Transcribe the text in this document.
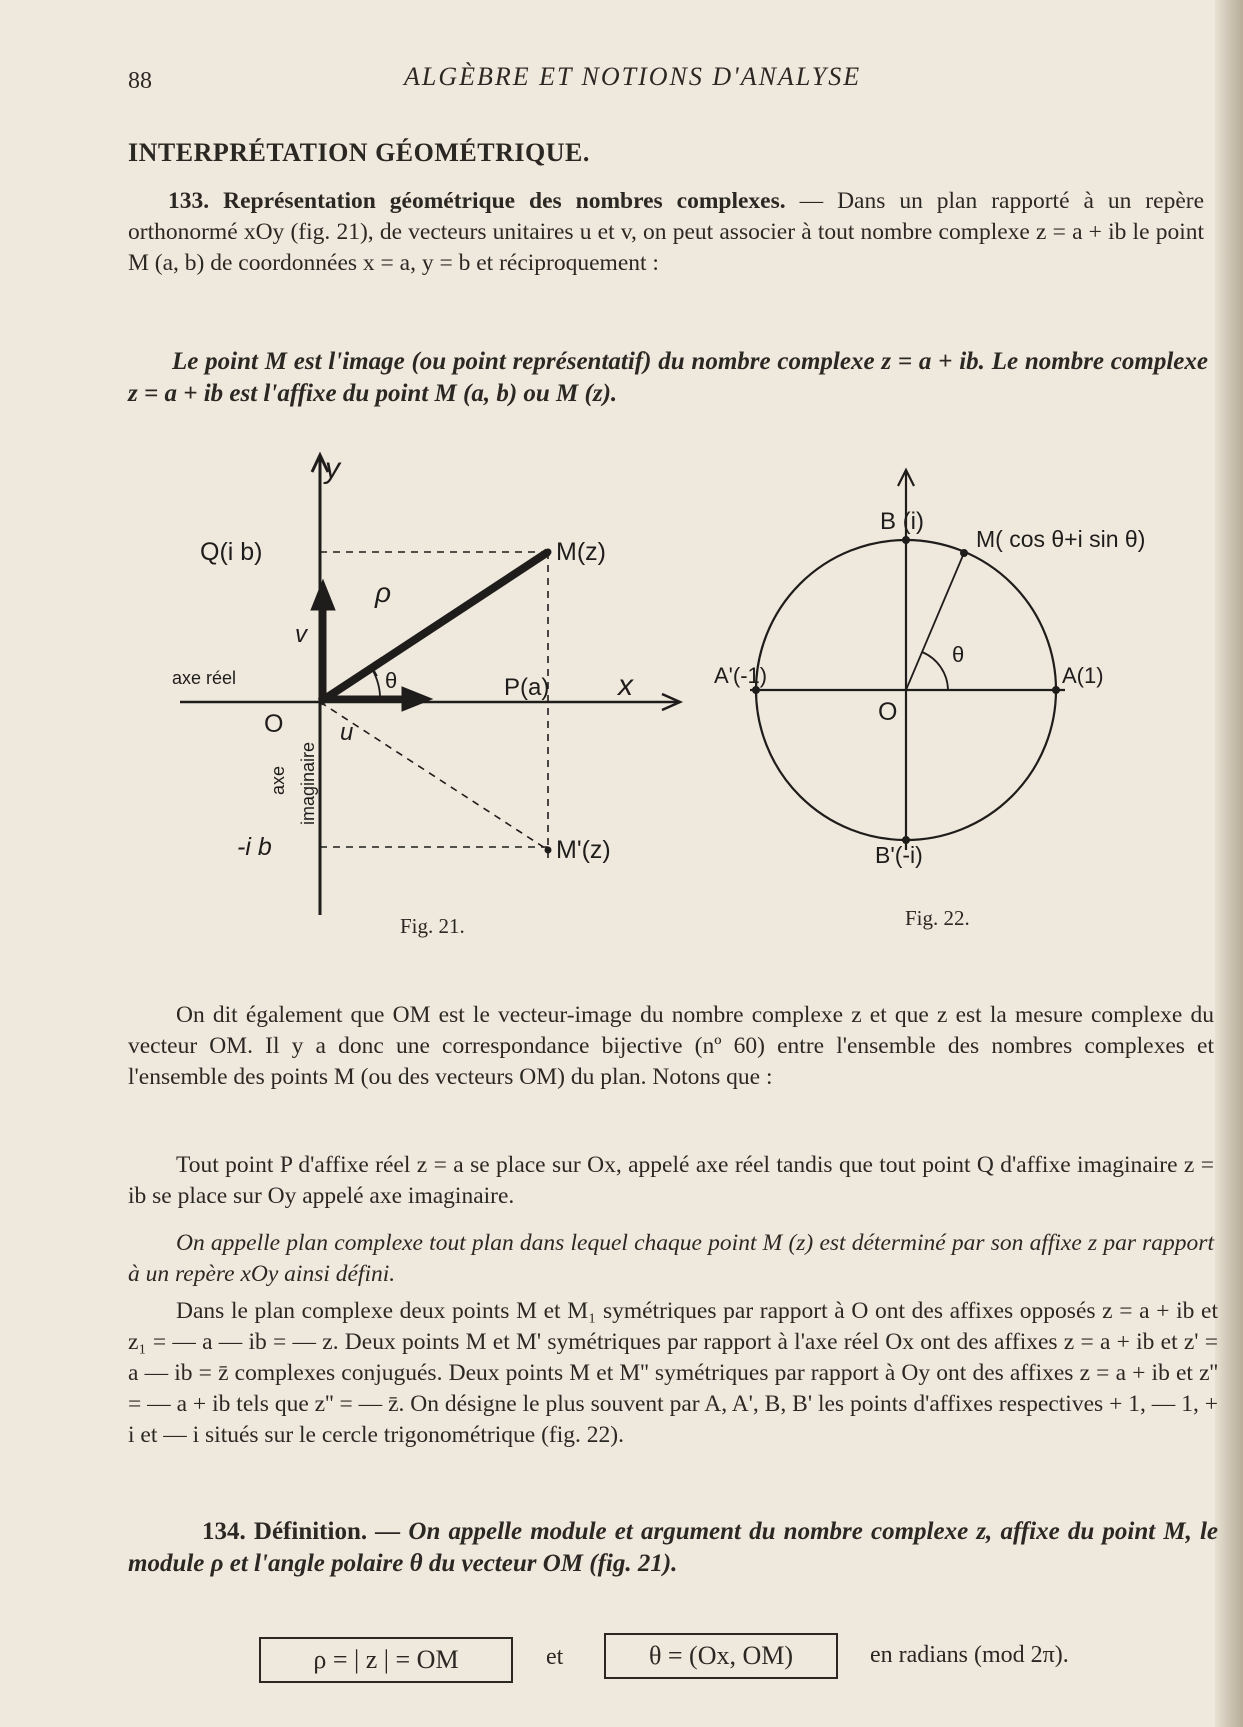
88	ALGÈBRE ET NOTIONS D'ANALYSE
INTERPRÉTATION GÉOMÉTRIQUE.
133. Représentation géométrique des nombres complexes. — Dans un plan rapporté à un repère orthonormé xOy (fig. 21), de vecteurs unitaires u et v, on peut associer à tout nombre complexe z = a + ib le point M (a, b) de coordonnées x = a, y = b et réciproquement :
Le point M est l'image (ou point représentatif) du nombre complexe z = a + ib. Le nombre complexe z = a + ib est l'affixe du point M (a, b) ou M (z).
y
x
Q(i b)	M(z)
ρ
θ
v
u
P(a)
axe réel
O
axe imaginaire
-i b	M'(z)
Fig. 21.
B (i)
M( cos θ+i sin θ)
θ
A'(-1)	A(1)
O
B'(-i)
Fig. 22.
On dit également que OM est le vecteur-image du nombre complexe z et que z est la mesure complexe du vecteur OM. Il y a donc une correspondance bijective (nº 60) entre l'ensemble des nombres complexes et l'ensemble des points M (ou des vecteurs OM) du plan. Notons que :
Tout point P d'affixe réel z = a se place sur Ox, appelé axe réel tandis que tout point Q d'affixe imaginaire z = ib se place sur Oy appelé axe imaginaire.
On appelle plan complexe tout plan dans lequel chaque point M (z) est déterminé par son affixe z par rapport à un repère xOy ainsi défini.
Dans le plan complexe deux points M et M₁ symétriques par rapport à O ont des affixes opposés z = a + ib et z₁ = — a — ib = — z. Deux points M et M' symétriques par rapport à l'axe réel Ox ont des affixes z = a + ib et z' = a — ib = z̄ complexes conjugués. Deux points M et M'' symétriques par rapport à Oy ont des affixes z = a + ib et z'' = — a + ib tels que z'' = — z̄. On désigne le plus souvent par A, A', B, B' les points d'affixes respectives + 1, — 1, + i et — i situés sur le cercle trigonométrique (fig. 22).
134. Définition. — On appelle module et argument du nombre complexe z, affixe du point M, le module ρ et l'angle polaire θ du vecteur OM (fig. 21).
ρ = | z | = OM	et	θ = (Ox, OM)	en radians (mod 2π).
